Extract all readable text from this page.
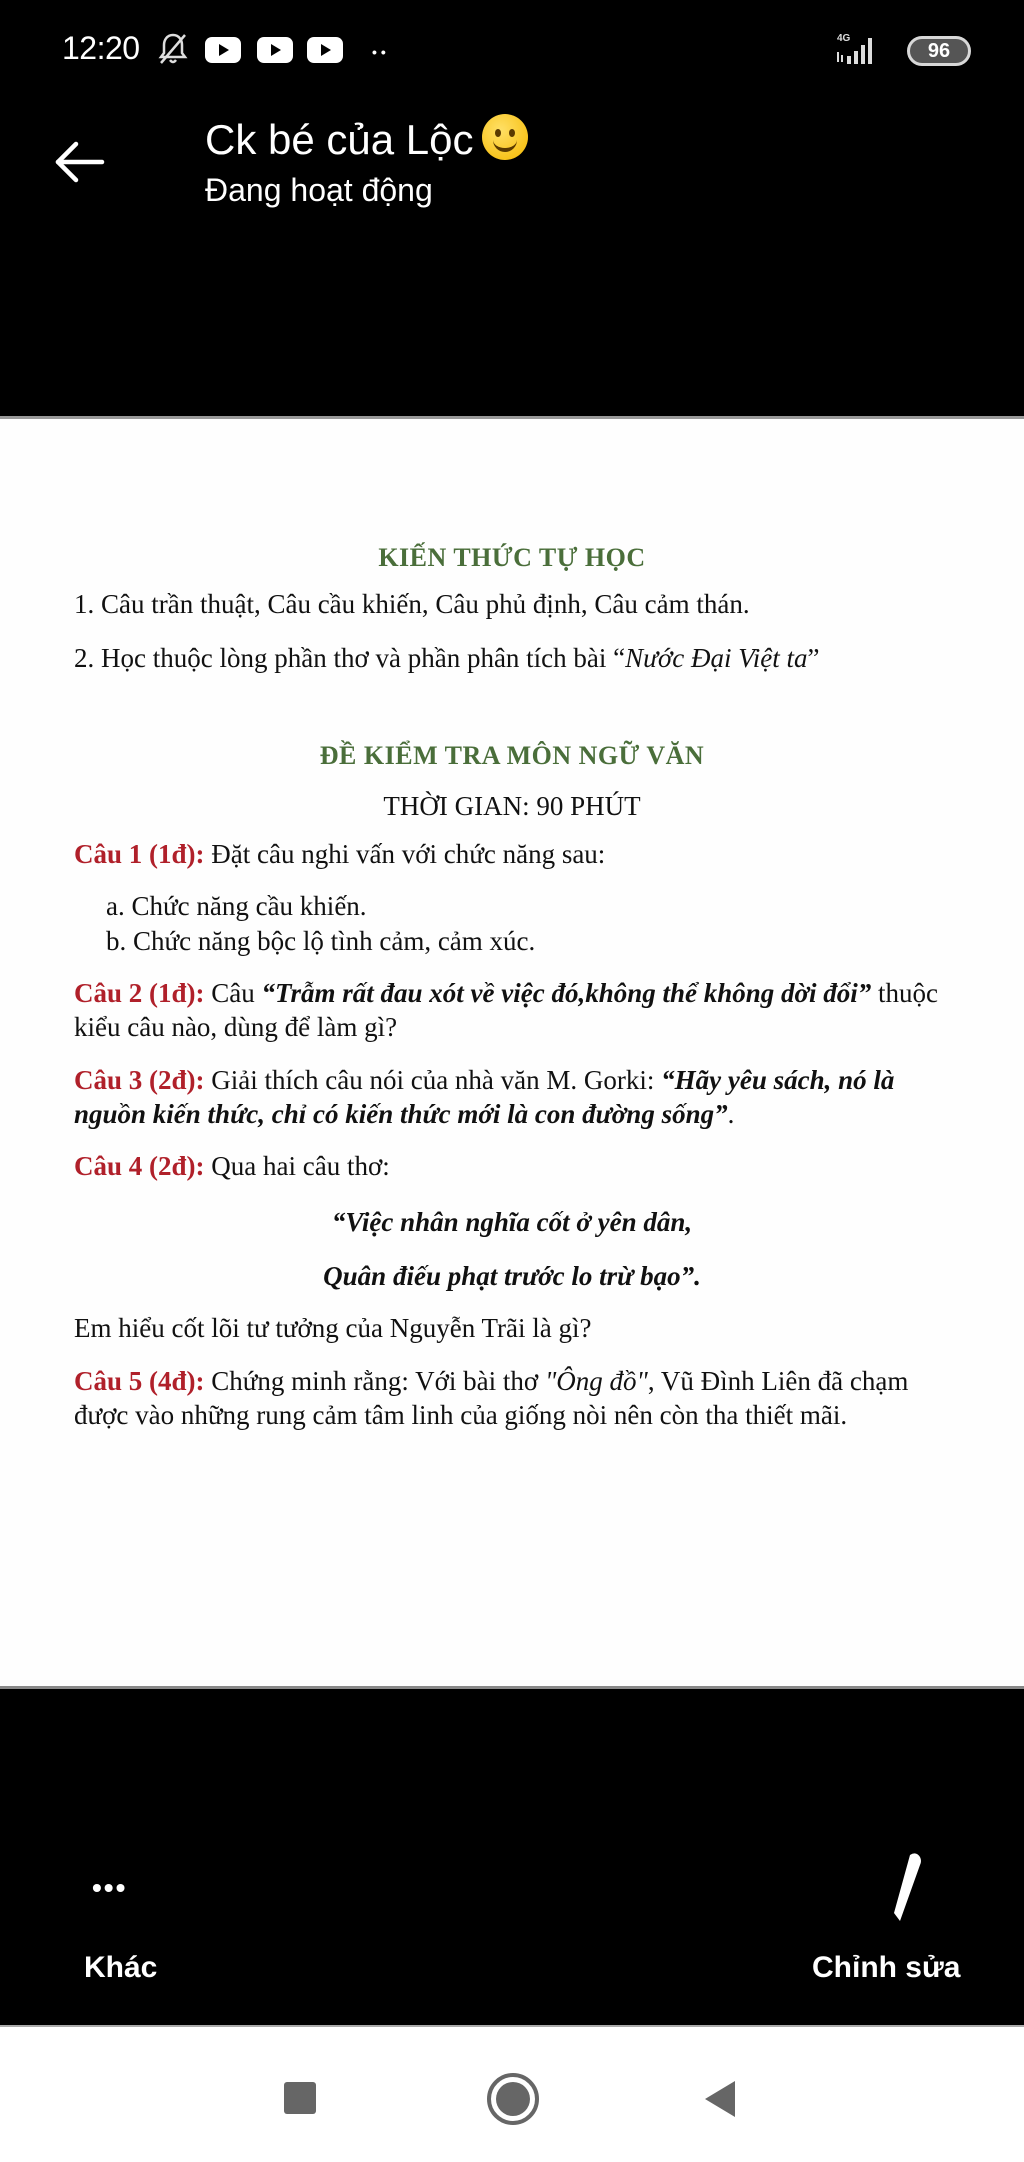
12:20	••
4G
96
Ck bé của Lộc
Đang hoạt động
KIẾN THỨC TỰ HỌC
1. Câu trần thuật, Câu cầu khiến, Câu phủ định, Câu cảm thán.
2. Học thuộc lòng phần thơ và phần phân tích bài “Nước Đại Việt ta”
ĐỀ KIỂM TRA MÔN NGỮ VĂN
THỜI GIAN: 90 PHÚT
Câu 1 (1đ): Đặt câu nghi vấn với chức năng sau:
a. Chức năng cầu khiến.
b. Chức năng bộc lộ tình cảm, cảm xúc.
Câu 2 (1đ): Câu “Trẫm rất đau xót về việc đó,không thể không dời đổi” thuộc kiểu câu nào, dùng để làm gì?
Câu 3 (2đ): Giải thích câu nói của nhà văn M. Gorki: “Hãy yêu sách, nó là nguồn kiến thức, chỉ có kiến thức mới là con đường sống”.
Câu 4 (2đ): Qua hai câu thơ:
“Việc nhân nghĩa cốt ở yên dân,
Quân điếu phạt trước lo trừ bạo”.
Em hiểu cốt lõi tư tưởng của Nguyễn Trãi là gì?
Câu 5 (4đ): Chứng minh rằng: Với bài thơ "Ông đồ", Vũ Đình Liên đã chạm được vào những rung cảm tâm linh của giống nòi nên còn tha thiết mãi.
•••
Khác	Chỉnh sửa
